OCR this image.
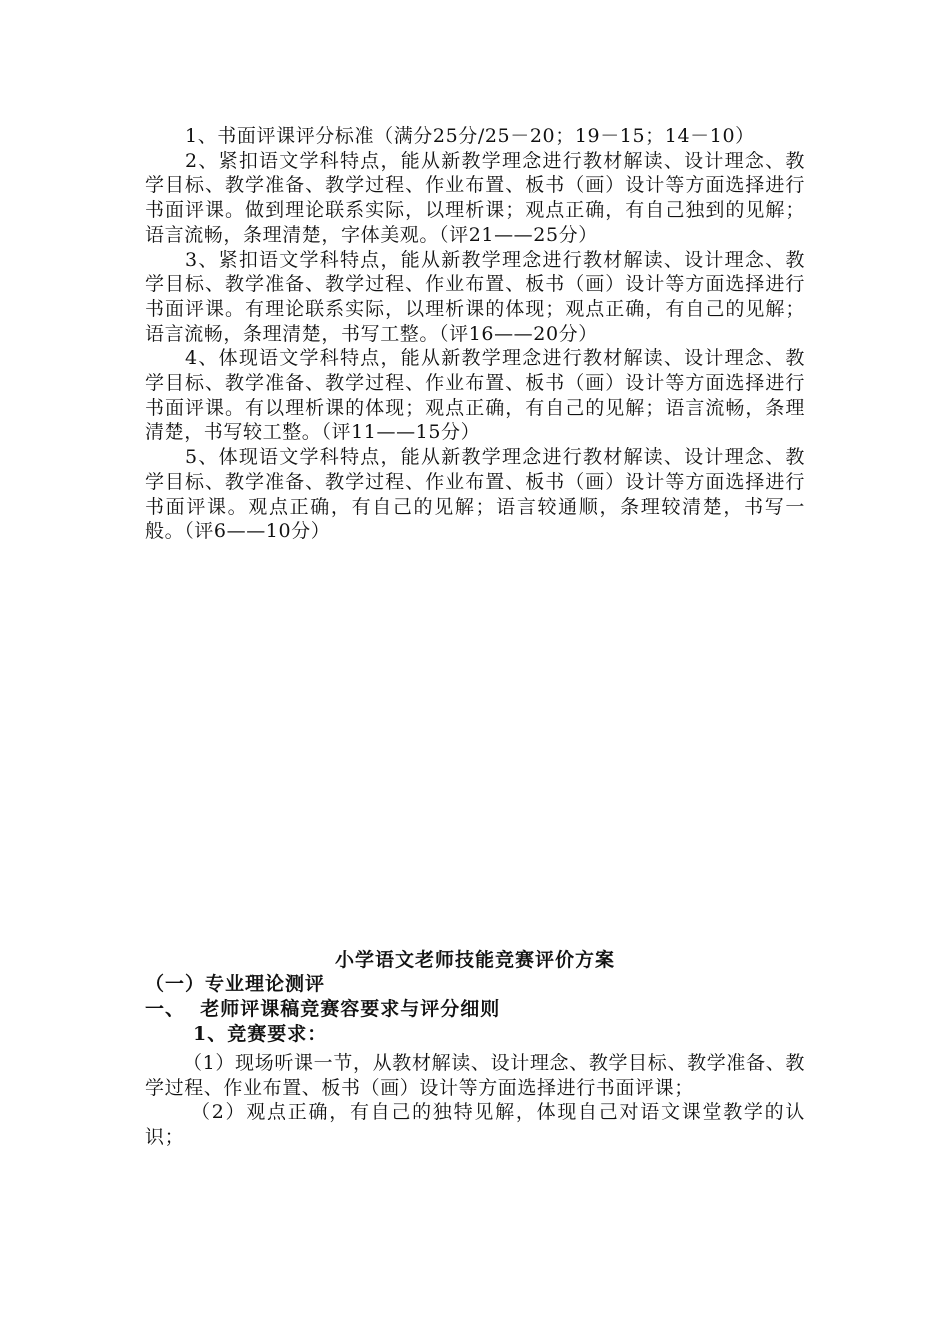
1、书面评课评分标准（满分25分/25－20；19－15；14－10）

2、紧扣语文学科特点，能从新教学理念进行教材解读、设计理念、教学目标、教学准备、教学过程、作业布置、板书（画）设计等方面选择进行书面评课。做到理论联系实际，以理析课；观点正确，有自己独到的见解；语言流畅，条理清楚，字体美观。（评21——25分）

3、紧扣语文学科特点，能从新教学理念进行教材解读、设计理念、教学目标、教学准备、教学过程、作业布置、板书（画）设计等方面选择进行书面评课。有理论联系实际，以理析课的体现；观点正确，有自己的见解；语言流畅，条理清楚，书写工整。（评16——20分）

4、体现语文学科特点，能从新教学理念进行教材解读、设计理念、教学目标、教学准备、教学过程、作业布置、板书（画）设计等方面选择进行书面评课。有以理析课的体现；观点正确，有自己的见解；语言流畅，条理清楚，书写较工整。（评11——15分）

5、体现语文学科特点，能从新教学理念进行教材解读、设计理念、教学目标、教学准备、教学过程、作业布置、板书（画）设计等方面选择进行书面评课。观点正确，有自己的见解；语言较通顺，条理较清楚，书写一般。（评6——10分）

小学语文老师技能竞赛评价方案

（一）专业理论测评

一、  老师评课稿竞赛容要求与评分细则

1、竞赛要求：

（1）现场听课一节，从教材解读、设计理念、教学目标、教学准备、教学过程、作业布置、板书（画）设计等方面选择进行书面评课；

（2）观点正确，有自己的独特见解，体现自己对语文课堂教学的认识；
